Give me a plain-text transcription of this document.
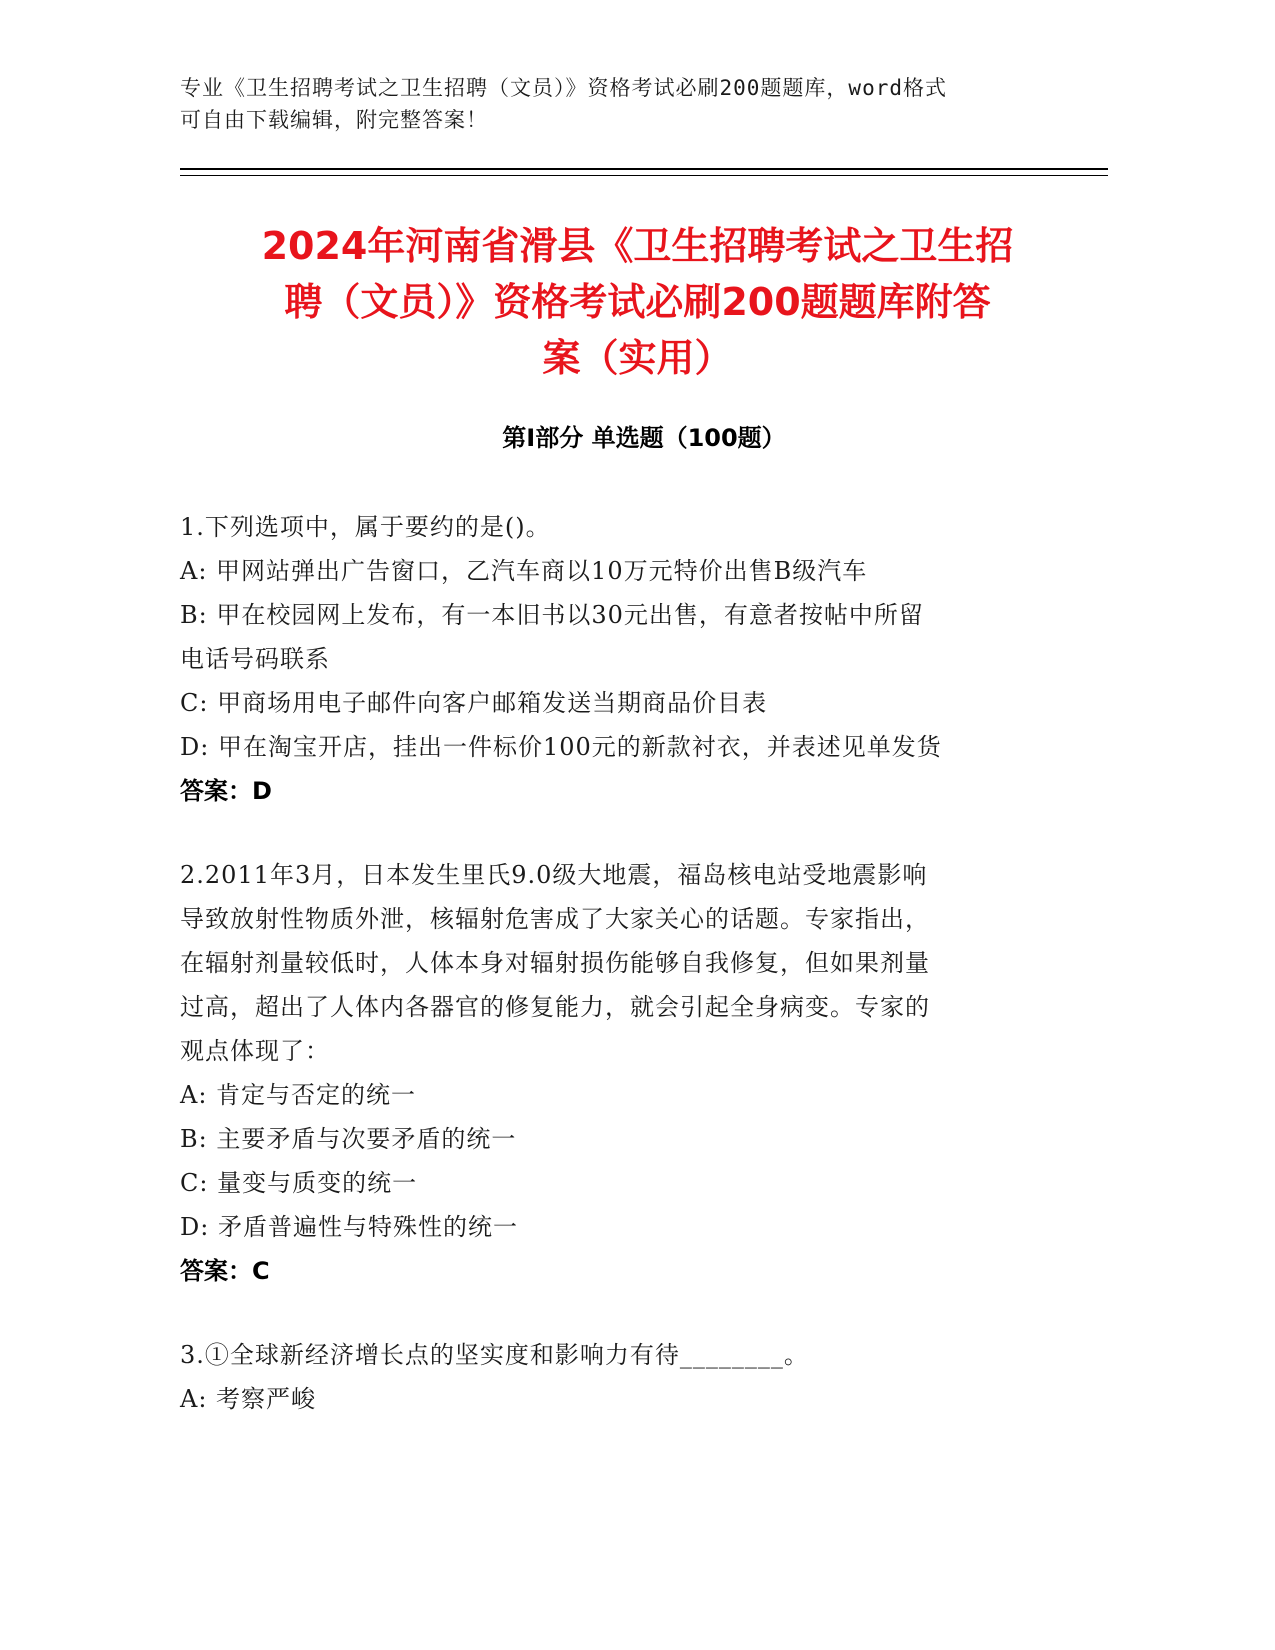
专业《卫生招聘考试之卫生招聘（文员）》资格考试必刷200题题库，word格式
可自由下载编辑，附完整答案！
2024年河南省滑县《卫生招聘考试之卫生招
聘（文员）》资格考试必刷200题题库附答
案（实用）
第I部分 单选题（100题）
1.下列选项中，属于要约的是()。
A: 甲网站弹出广告窗口，乙汽车商以10万元特价出售B级汽车
B: 甲在校园网上发布，有一本旧书以30元出售，有意者按帖中所留
电话号码联系
C: 甲商场用电子邮件向客户邮箱发送当期商品价目表
D: 甲在淘宝开店，挂出一件标价100元的新款衬衣，并表述见单发货
答案：D
2.2011年3月，日本发生里氏9.0级大地震，福岛核电站受地震影响
导致放射性物质外泄，核辐射危害成了大家关心的话题。专家指出，
在辐射剂量较低时，人体本身对辐射损伤能够自我修复，但如果剂量
过高，超出了人体内各器官的修复能力，就会引起全身病变。专家的
观点体现了：
A: 肯定与否定的统一
B: 主要矛盾与次要矛盾的统一
C: 量变与质变的统一
D: 矛盾普遍性与特殊性的统一
答案：C
3.①全球新经济增长点的坚实度和影响力有待________。
A: 考察严峻
